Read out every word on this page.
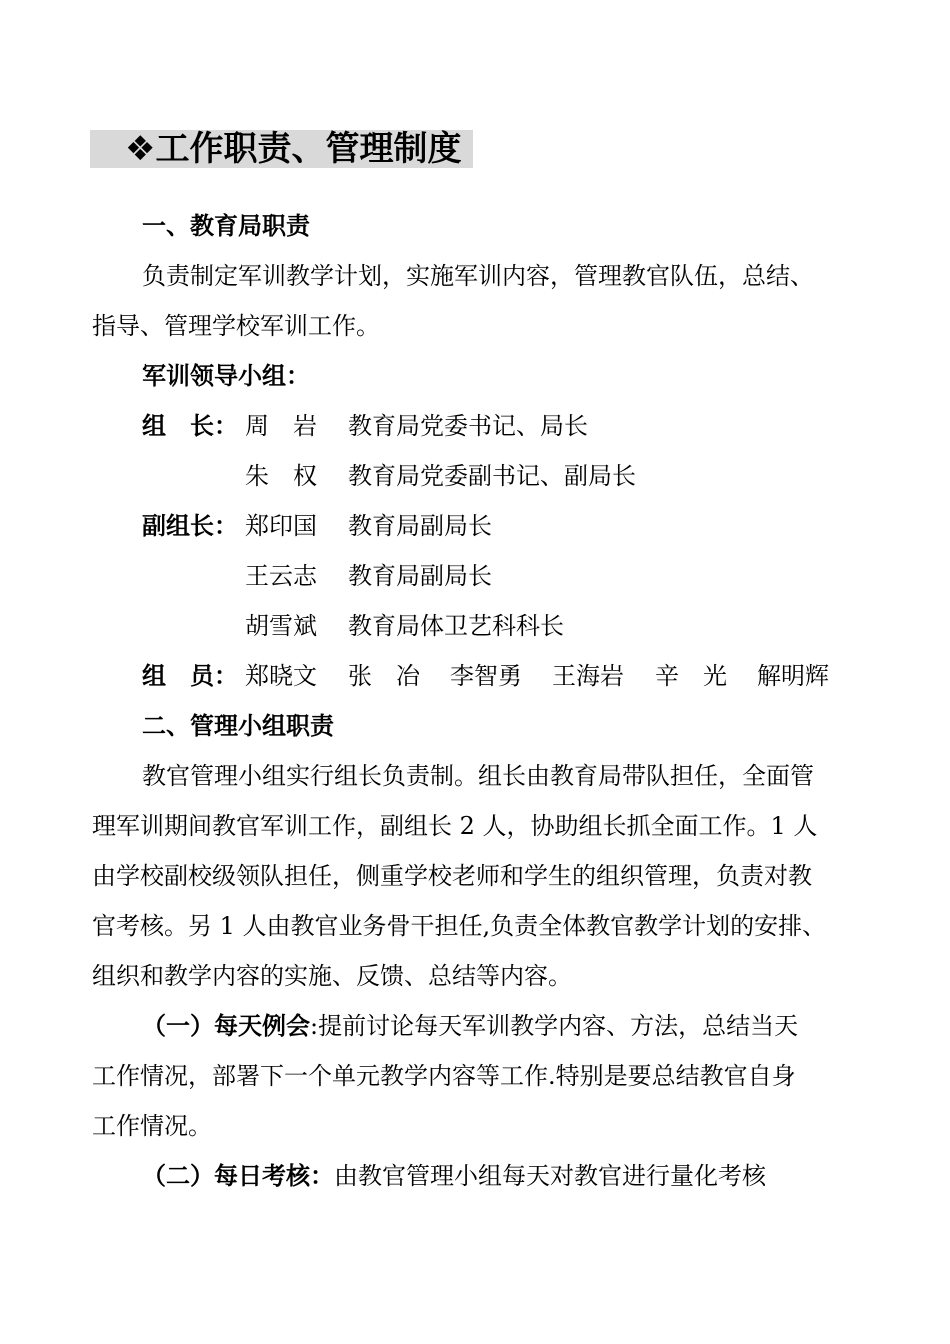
❖工作职责、管理制度
一、教育局职责
负责制定军训教学计划，实施军训内容，管理教官队伍，总结、
指导、管理学校军训工作。
军训领导小组：
组　长： 周　岩 教育局党委书记、局长
朱　权 教育局党委副书记、副局长
副组长： 郑印国 教育局副局长
王云志 教育局副局长
胡雪斌 教育局体卫艺科科长
组　员： 郑晓文 张　冶 李智勇 王海岩 辛　光 解明辉
二、管理小组职责
教官管理小组实行组长负责制。组长由教育局带队担任，全面管
理军训期间教官军训工作，副组长 2 人，协助组长抓全面工作。1 人
由学校副校级领队担任，侧重学校老师和学生的组织管理，负责对教
官考核。另 1 人由教官业务骨干担任,负责全体教官教学计划的安排、
组织和教学内容的实施、反馈、总结等内容。
（一）每天例会:提前讨论每天军训教学内容、方法，总结当天
工作情况，部署下一个单元教学内容等工作.特别是要总结教官自身
工作情况。
（二）每日考核：由教官管理小组每天对教官进行量化考核
